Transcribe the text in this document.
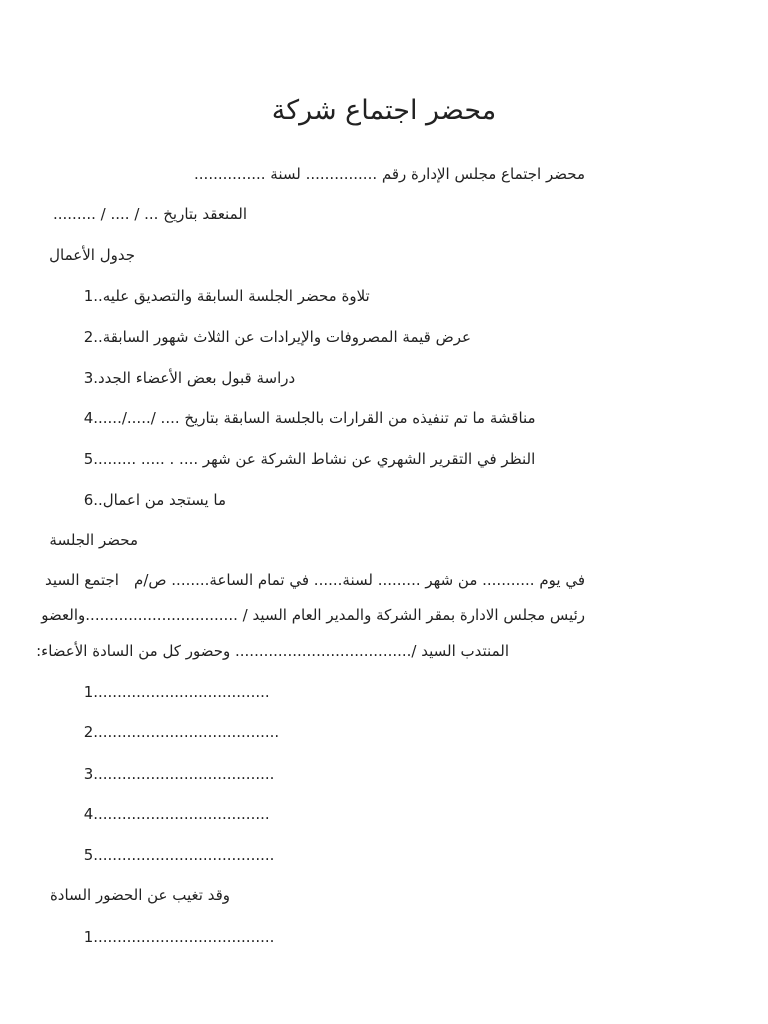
محضر اجتماع شركة
محضر اجتماع مجلس الإدارة رقم ............... لسنة ...............
المنعقد بتاريخ ... / .... / .........
جدول الأعمال
1. تلاوة محضر الجلسة السابقة والتصديق عليه.
2. عرض قيمة المصروفات والإيرادات عن الثلاث شهور السابقة.
3. دراسة قبول بعض الأعضاء الجدد
4. مناقشة ما تم تنفيذه من القرارات بالجلسة السابقة بتاريخ .... /...../.....
5. النظر في التقرير الشهري عن نشاط الشركة عن شهر .... . ..... ........
6. ما يستجد من اعمال.
محضر الجلسة
في يوم ........... من شهر ......... لسنة...... في تمام الساعة........ ص/م
اجتمع السيد
رئيس مجلس الادارة بمقر الشركة والمدير العام السيد / ................................
والعضو
المنتدب السيد /..................................... وحضور كل من السادة الأعضاء:
1. ....................................
2. ......................................
3. .....................................
4. ....................................
5. .....................................
وقد تغيب عن الحضور السادة
1. .....................................
